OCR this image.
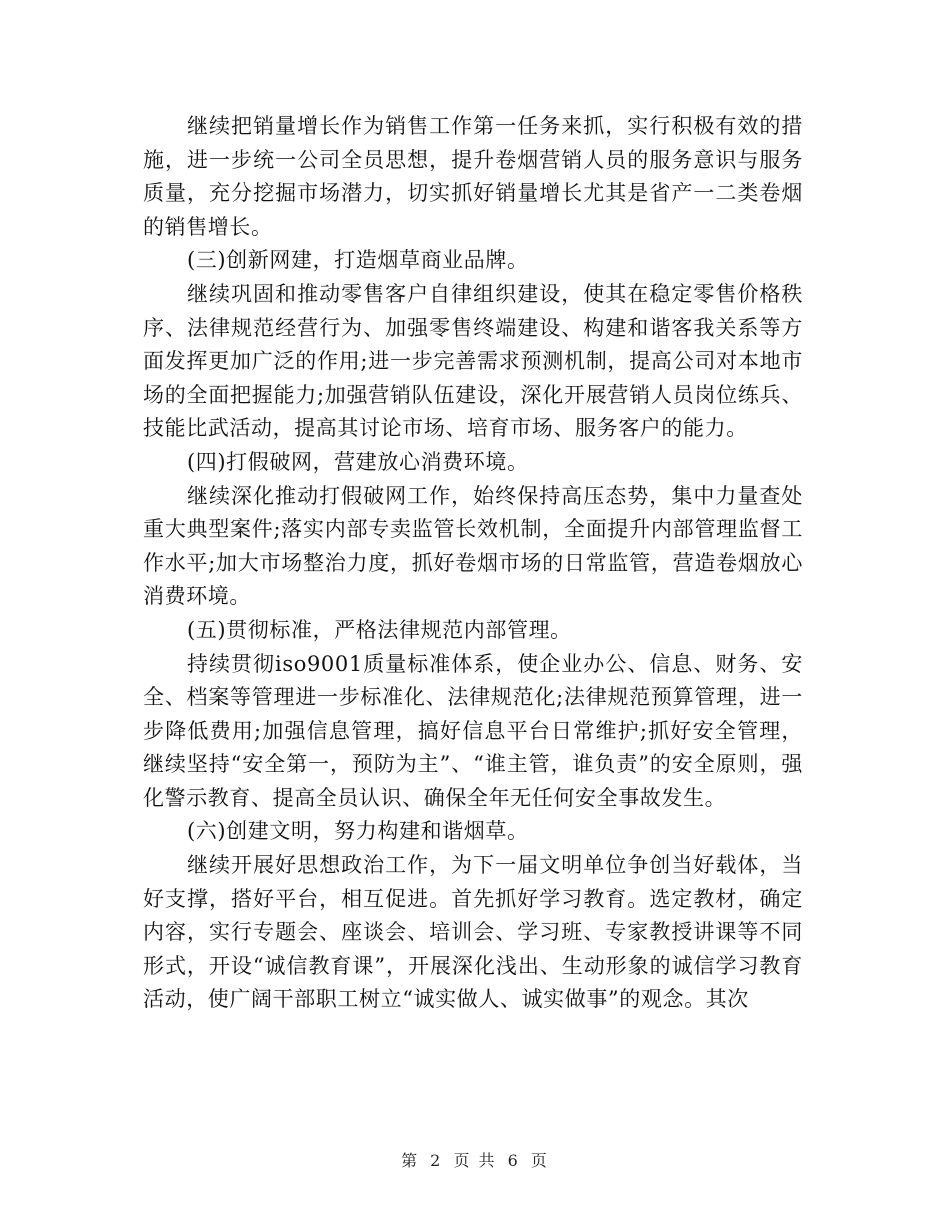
继续把销量增长作为销售工作第一任务来抓，实行积极有效的措施，进一步统一公司全员思想，提升卷烟营销人员的服务意识与服务质量，充分挖掘市场潜力，切实抓好销量增长尤其是省产一二类卷烟的销售增长。

(三)创新网建，打造烟草商业品牌。

继续巩固和推动零售客户自律组织建设，使其在稳定零售价格秩序、法律规范经营行为、加强零售终端建设、构建和谐客我关系等方面发挥更加广泛的作用;进一步完善需求预测机制，提高公司对本地市场的全面把握能力;加强营销队伍建设，深化开展营销人员岗位练兵、技能比武活动，提高其讨论市场、培育市场、服务客户的能力。

(四)打假破网，营建放心消费环境。

继续深化推动打假破网工作，始终保持高压态势，集中力量查处重大典型案件;落实内部专卖监管长效机制，全面提升内部管理监督工作水平;加大市场整治力度，抓好卷烟市场的日常监管，营造卷烟放心消费环境。

(五)贯彻标准，严格法律规范内部管理。

持续贯彻iso9001质量标准体系，使企业办公、信息、财务、安全、档案等管理进一步标准化、法律规范化;法律规范预算管理，进一步降低费用;加强信息管理，搞好信息平台日常维护;抓好安全管理，继续坚持“安全第一，预防为主”、“谁主管，谁负责”的安全原则，强化警示教育、提高全员认识、确保全年无任何安全事故发生。

(六)创建文明，努力构建和谐烟草。

继续开展好思想政治工作，为下一届文明单位争创当好载体，当好支撑，搭好平台，相互促进。首先抓好学习教育。选定教材，确定内容，实行专题会、座谈会、培训会、学习班、专家教授讲课等不同形式，开设“诚信教育课”，开展深化浅出、生动形象的诚信学习教育活动，使广阔干部职工树立“诚实做人、诚实做事”的观念。其次

第 2 页 共 6 页
